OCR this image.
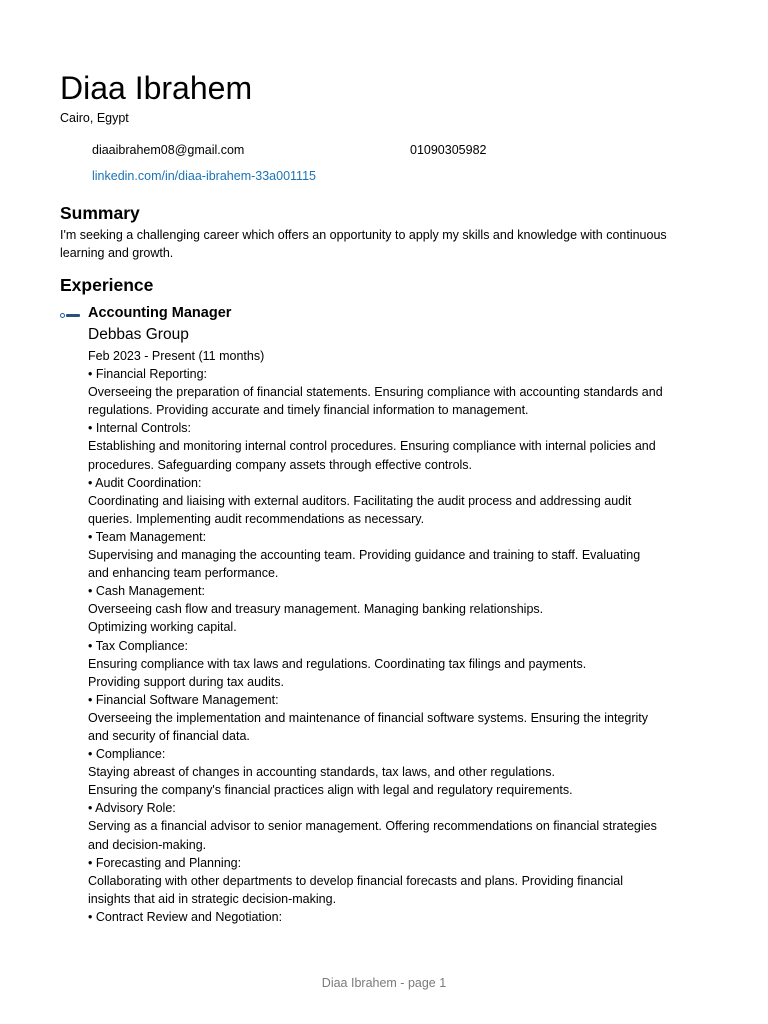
Diaa Ibrahem
Cairo, Egypt
diaaibrahem08@gmail.com	01090305982
linkedin.com/in/diaa-ibrahem-33a001115
Summary
I'm seeking a challenging career which offers an opportunity to apply my skills and knowledge with continuous learning and growth.
Experience
Accounting Manager
Debbas Group
Feb 2023 - Present (11 months)
• Financial Reporting:
Overseeing the preparation of financial statements. Ensuring compliance with accounting standards and
regulations. Providing accurate and timely financial information to management.
• Internal Controls:
Establishing and monitoring internal control procedures. Ensuring compliance with internal policies and
procedures. Safeguarding company assets through effective controls.
• Audit Coordination:
Coordinating and liaising with external auditors. Facilitating the audit process and addressing audit
queries. Implementing audit recommendations as necessary.
• Team Management:
Supervising and managing the accounting team. Providing guidance and training to staff. Evaluating
and enhancing team performance.
• Cash Management:
Overseeing cash flow and treasury management. Managing banking relationships.
Optimizing working capital.
• Tax Compliance:
Ensuring compliance with tax laws and regulations. Coordinating tax filings and payments.
Providing support during tax audits.
• Financial Software Management:
Overseeing the implementation and maintenance of financial software systems. Ensuring the integrity
and security of financial data.
• Compliance:
Staying abreast of changes in accounting standards, tax laws, and other regulations.
Ensuring the company's financial practices align with legal and regulatory requirements.
• Advisory Role:
Serving as a financial advisor to senior management. Offering recommendations on financial strategies
and decision-making.
• Forecasting and Planning:
Collaborating with other departments to develop financial forecasts and plans. Providing financial
insights that aid in strategic decision-making.
• Contract Review and Negotiation:
Diaa Ibrahem - page 1
